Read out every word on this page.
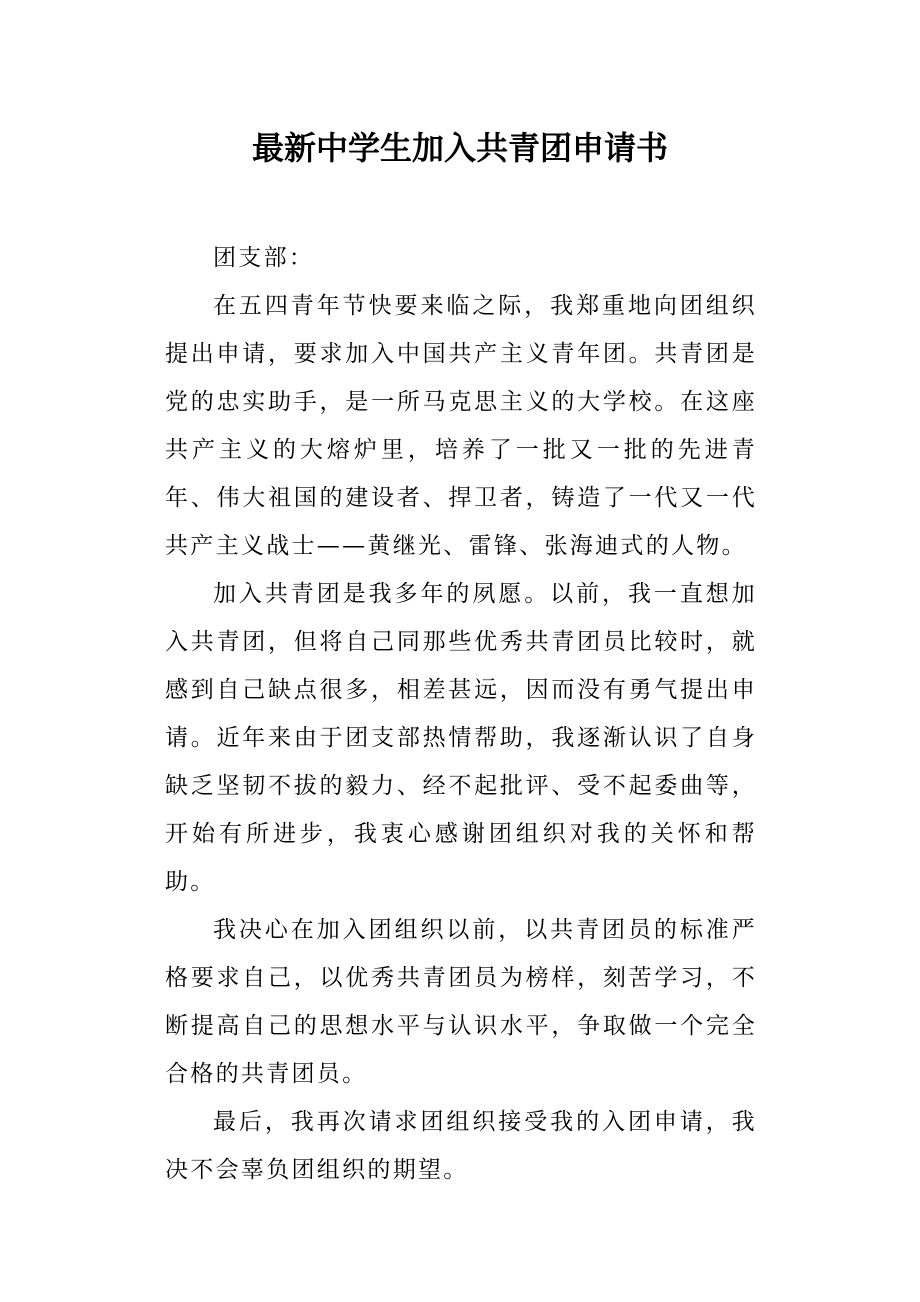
最新中学生加入共青团申请书

团支部：

在五四青年节快要来临之际，我郑重地向团组织提出申请，要求加入中国共产主义青年团。共青团是党的忠实助手，是一所马克思主义的大学校。在这座共产主义的大熔炉里，培养了一批又一批的先进青年、伟大祖国的建设者、捍卫者，铸造了一代又一代共产主义战士——黄继光、雷锋、张海迪式的人物。

加入共青团是我多年的夙愿。以前，我一直想加入共青团，但将自己同那些优秀共青团员比较时，就感到自己缺点很多，相差甚远，因而没有勇气提出申请。近年来由于团支部热情帮助，我逐渐认识了自身缺乏坚韧不拔的毅力、经不起批评、受不起委曲等，开始有所进步，我衷心感谢团组织对我的关怀和帮助。

我决心在加入团组织以前，以共青团员的标准严格要求自己，以优秀共青团员为榜样，刻苦学习，不断提高自己的思想水平与认识水平，争取做一个完全合格的共青团员。

最后，我再次请求团组织接受我的入团申请，我决不会辜负团组织的期望。
